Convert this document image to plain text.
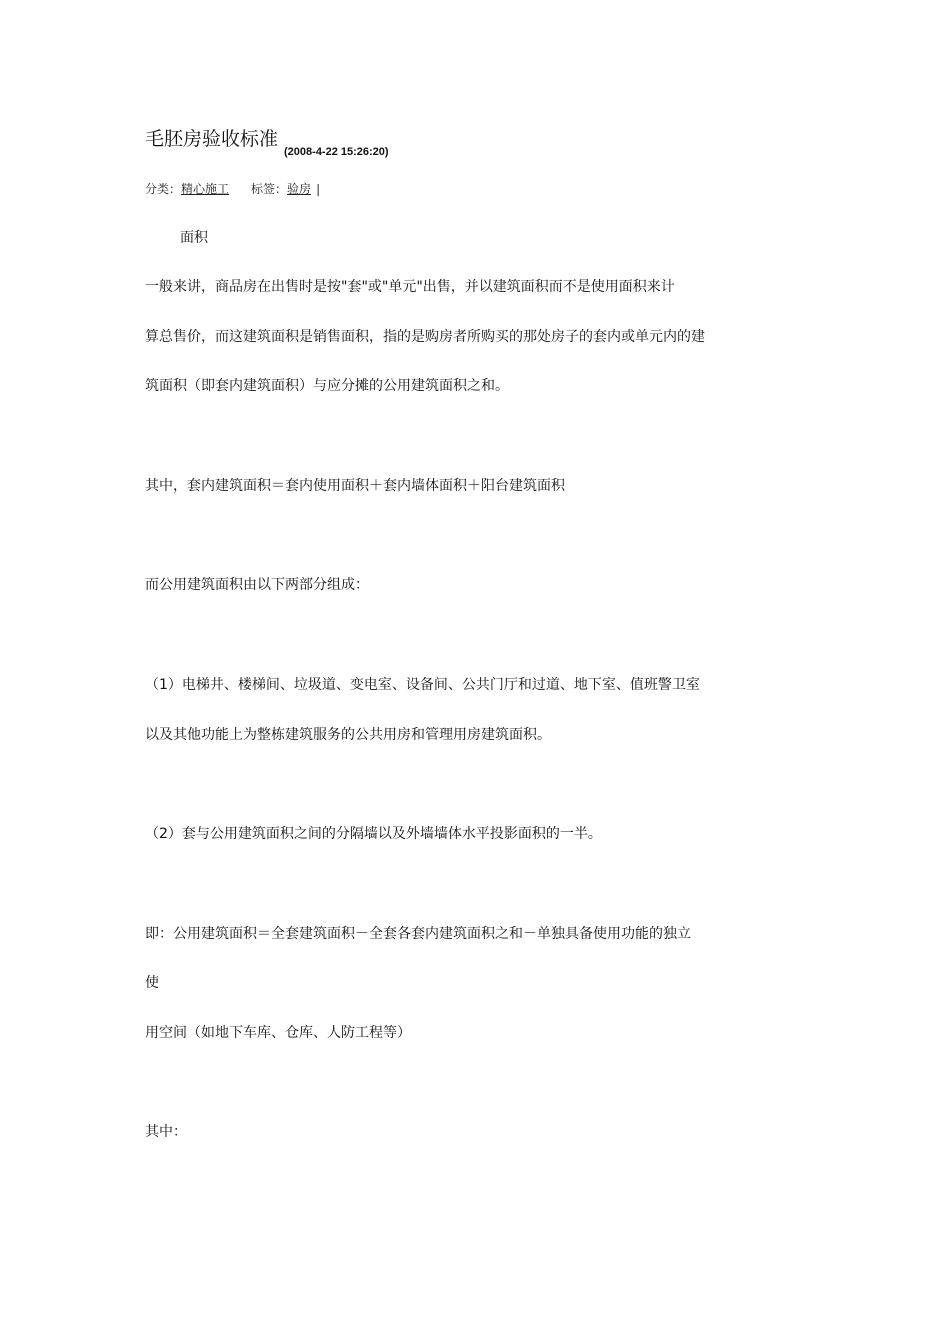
毛胚房验收标准$_{(2008-4-22 15:26:20)}$
分类：精心施工 标签：验房 |
面积
一般来讲，商品房在出售时是按"套"或"单元"出售，并以建筑面积而不是使用面积来计
算总售价，而这建筑面积是销售面积，指的是购房者所购买的那处房子的套内或单元内的建
筑面积（即套内建筑面积）与应分摊的公用建筑面积之和。
其中，套内建筑面积＝套内使用面积＋套内墙体面积＋阳台建筑面积
而公用建筑面积由以下两部分组成：
（1）电梯井、楼梯间、垃圾道、变电室、设备间、公共门厅和过道、地下室、值班警卫室
以及其他功能上为整栋建筑服务的公共用房和管理用房建筑面积。
（2）套与公用建筑面积之间的分隔墙以及外墙墙体水平投影面积的一半。
即：公用建筑面积＝全套建筑面积－全套各套内建筑面积之和－单独具备使用功能的独立
使
用空间（如地下车库、仓库、人防工程等）
其中：
